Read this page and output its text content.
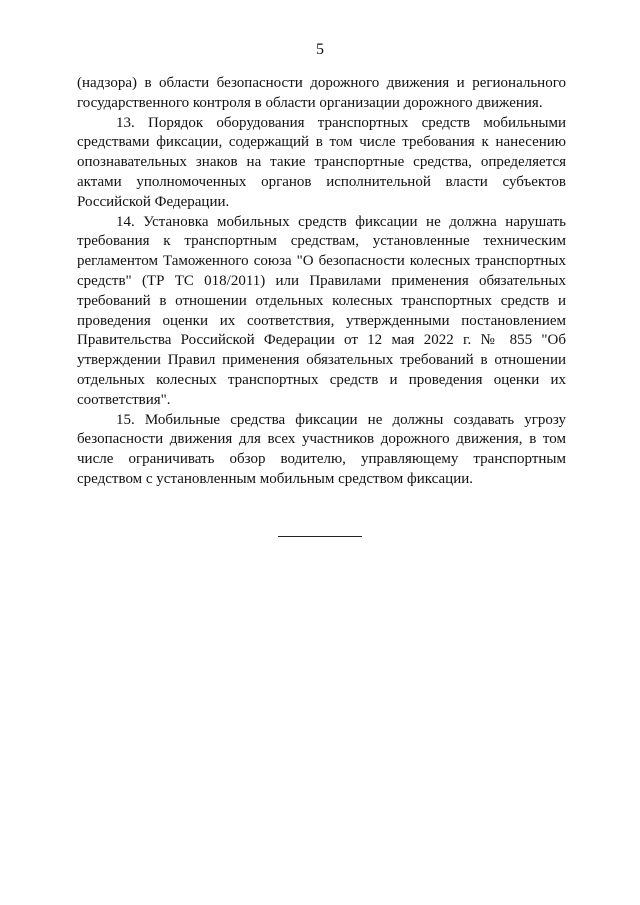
5

(надзора) в области безопасности дорожного движения и регионального государственного контроля в области организации дорожного движения.

13. Порядок оборудования транспортных средств мобильными средствами фиксации, содержащий в том числе требования к нанесению опознавательных знаков на такие транспортные средства, определяется актами уполномоченных органов исполнительной власти субъектов Российской Федерации.

14. Установка мобильных средств фиксации не должна нарушать требования к транспортным средствам, установленные техническим регламентом Таможенного союза "О безопасности колесных транспортных средств" (ТР ТС 018/2011) или Правилами применения обязательных требований в отношении отдельных колесных транспортных средств и проведения оценки их соответствия, утвержденными постановлением Правительства Российской Федерации от 12 мая 2022 г. № 855 "Об утверждении Правил применения обязательных требований в отношении отдельных колесных транспортных средств и проведения оценки их соответствия".

15. Мобильные средства фиксации не должны создавать угрозу безопасности движения для всех участников дорожного движения, в том числе ограничивать обзор водителю, управляющему транспортным средством с установленным мобильным средством фиксации.
